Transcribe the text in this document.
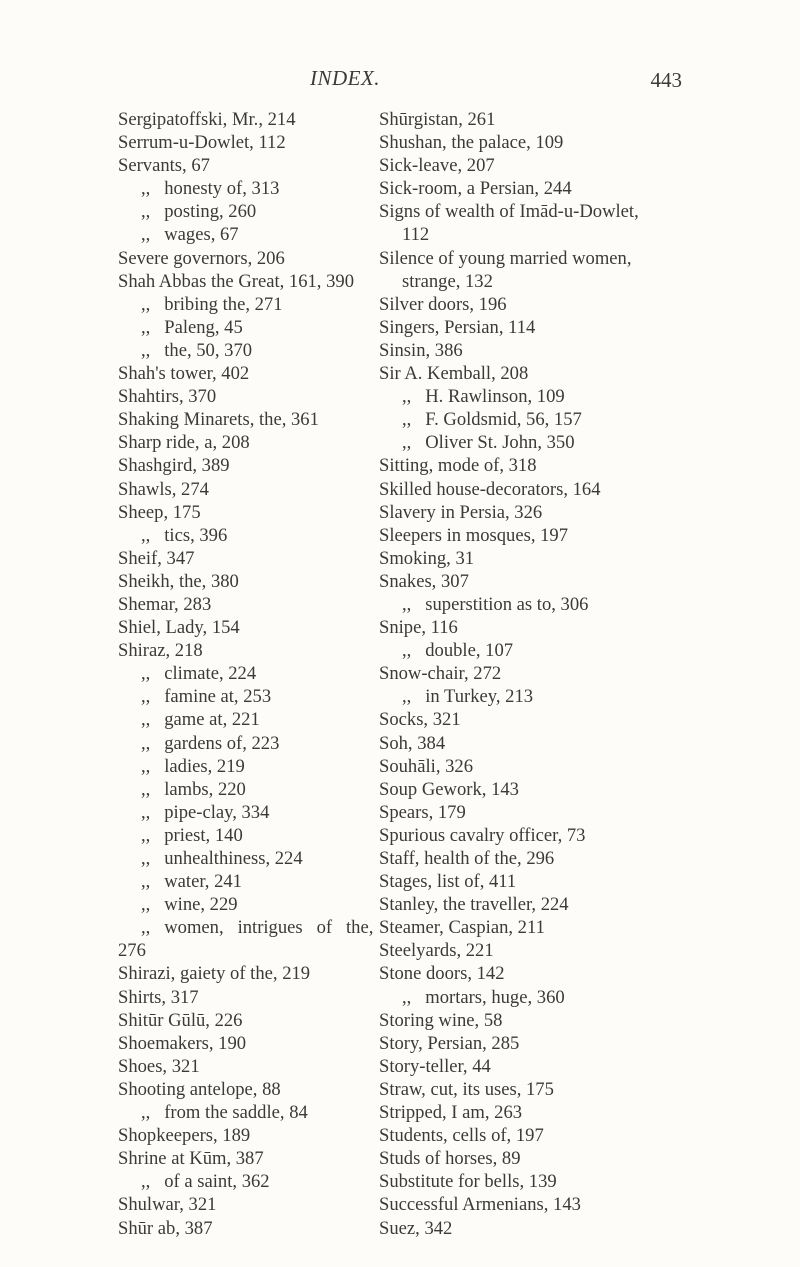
INDEX.	443
Sergipatoffski, Mr., 214
Serrum-u-Dowlet, 112
Servants, 67
,,   honesty of, 313
,,   posting, 260
,,   wages, 67
Severe governors, 206
Shah Abbas the Great, 161, 390
,,   bribing the, 271
,,   Paleng, 45
,,   the, 50, 370
Shah's tower, 402
Shahtirs, 370
Shaking Minarets, the, 361
Sharp ride, a, 208
Shashgird, 389
Shawls, 274
Sheep, 175
,,   tics, 396
Sheif, 347
Sheikh, the, 380
Shemar, 283
Shiel, Lady, 154
Shiraz, 218
,,   climate, 224
,,   famine at, 253
,,   game at, 221
,,   gardens of, 223
,,   ladies, 219
,,   lambs, 220
,,   pipe-clay, 334
,,   priest, 140
,,   unhealthiness, 224
,,   water, 241
,,   wine, 229
,,   women,   intrigues   of   the,
276
Shirazi, gaiety of the, 219
Shirts, 317
Shitūr Gūlū, 226
Shoemakers, 190
Shoes, 321
Shooting antelope, 88
,,   from the saddle, 84
Shopkeepers, 189
Shrine at Kūm, 387
,,   of a saint, 362
Shulwar, 321
Shūr ab, 387
Shūrgistan, 261
Shushan, the palace, 109
Sick-leave, 207
Sick-room, a Persian, 244
Signs of wealth of Imād-u-Dowlet,
112
Silence of young married women,
strange, 132
Silver doors, 196
Singers, Persian, 114
Sinsin, 386
Sir A. Kemball, 208
,,   H. Rawlinson, 109
,,   F. Goldsmid, 56, 157
,,   Oliver St. John, 350
Sitting, mode of, 318
Skilled house-decorators, 164
Slavery in Persia, 326
Sleepers in mosques, 197
Smoking, 31
Snakes, 307
,,   superstition as to, 306
Snipe, 116
,,   double, 107
Snow-chair, 272
,,   in Turkey, 213
Socks, 321
Soh, 384
Souhāli, 326
Soup Gework, 143
Spears, 179
Spurious cavalry officer, 73
Staff, health of the, 296
Stages, list of, 411
Stanley, the traveller, 224
Steamer, Caspian, 211
Steelyards, 221
Stone doors, 142
,,   mortars, huge, 360
Storing wine, 58
Story, Persian, 285
Story-teller, 44
Straw, cut, its uses, 175
Stripped, I am, 263
Students, cells of, 197
Studs of horses, 89
Substitute for bells, 139
Successful Armenians, 143
Suez, 342
